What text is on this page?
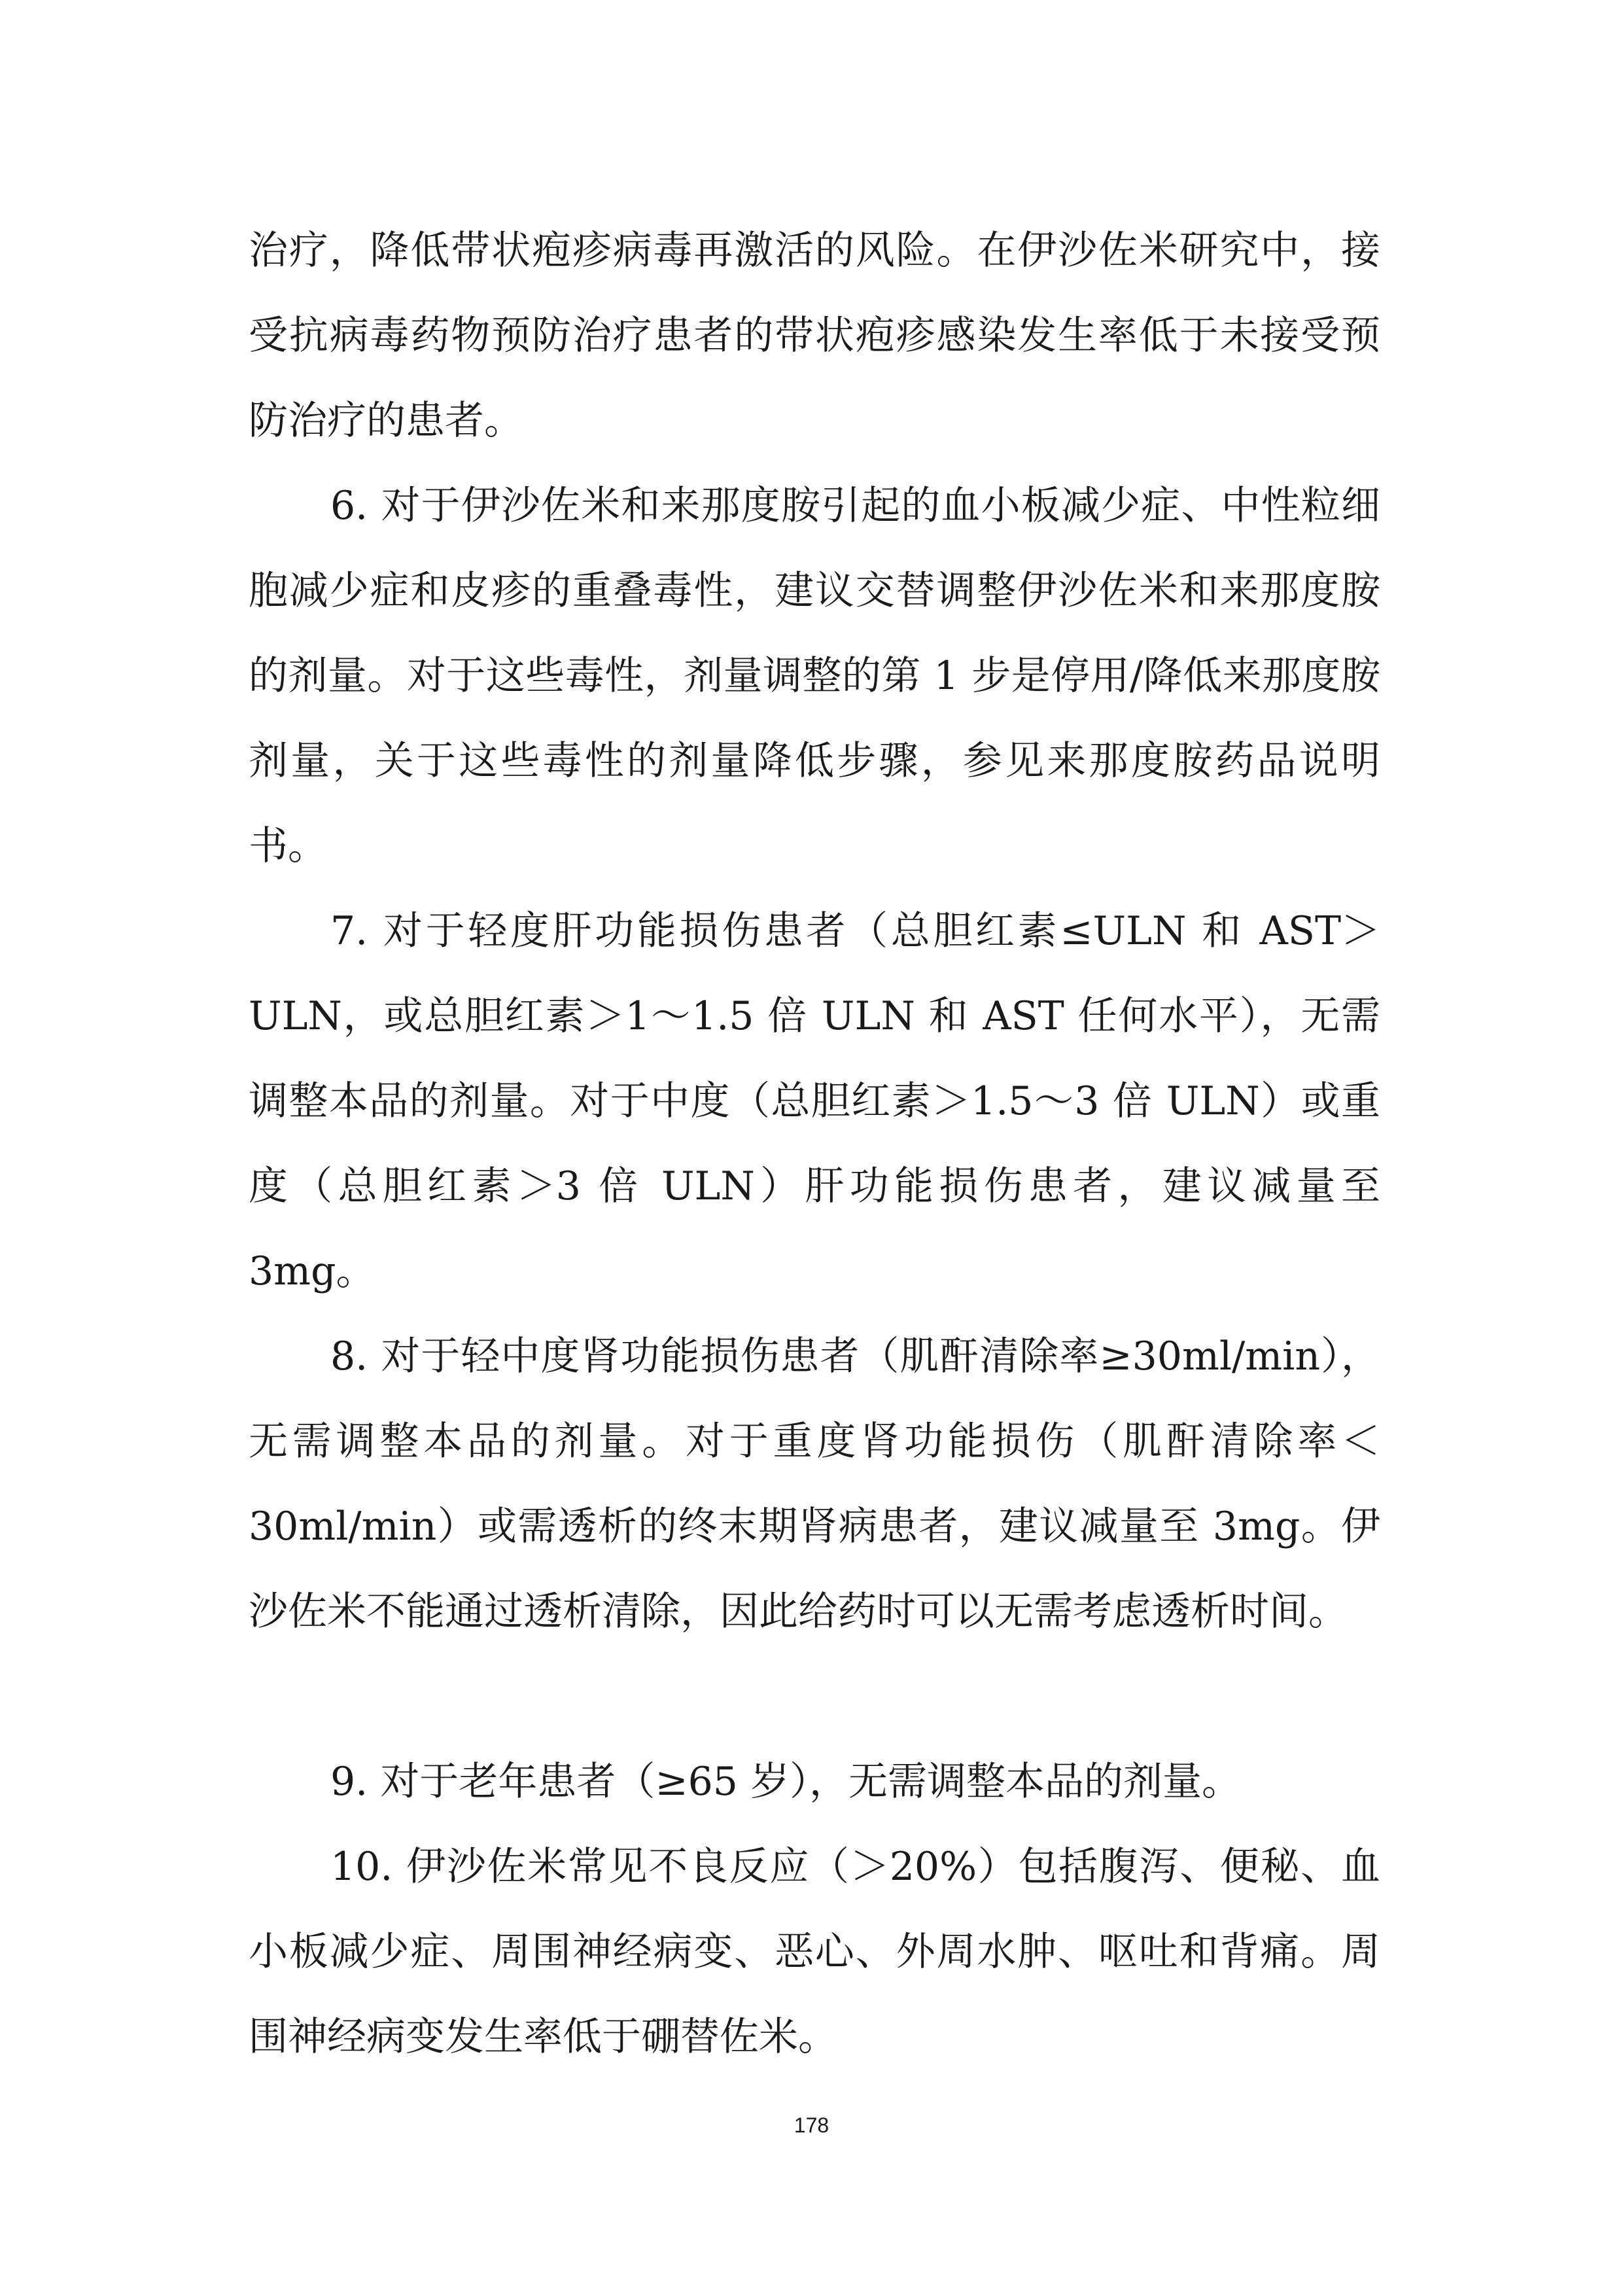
治疗，降低带状疱疹病毒再激活的风险。在伊沙佐米研究中，接受抗病毒药物预防治疗患者的带状疱疹感染发生率低于未接受预防治疗的患者。

6. 对于伊沙佐米和来那度胺引起的血小板减少症、中性粒细胞减少症和皮疹的重叠毒性，建议交替调整伊沙佐米和来那度胺的剂量。对于这些毒性，剂量调整的第 1 步是停用/降低来那度胺剂量，关于这些毒性的剂量降低步骤，参见来那度胺药品说明书。

7. 对于轻度肝功能损伤患者（总胆红素≤ULN 和 AST＞ULN，或总胆红素＞1～1.5 倍 ULN 和 AST 任何水平），无需调整本品的剂量。对于中度（总胆红素＞1.5～3 倍 ULN）或重度（总胆红素＞3 倍 ULN）肝功能损伤患者，建议减量至 3mg。

8. 对于轻中度肾功能损伤患者（肌酐清除率≥30ml/min），无需调整本品的剂量。对于重度肾功能损伤（肌酐清除率＜30ml/min）或需透析的终末期肾病患者，建议减量至 3mg。伊沙佐米不能通过透析清除，因此给药时可以无需考虑透析时间。

9. 对于老年患者（≥65 岁），无需调整本品的剂量。

10. 伊沙佐米常见不良反应（＞20%）包括腹泻、便秘、血小板减少症、周围神经病变、恶心、外周水肿、呕吐和背痛。周围神经病变发生率低于硼替佐米。

178
